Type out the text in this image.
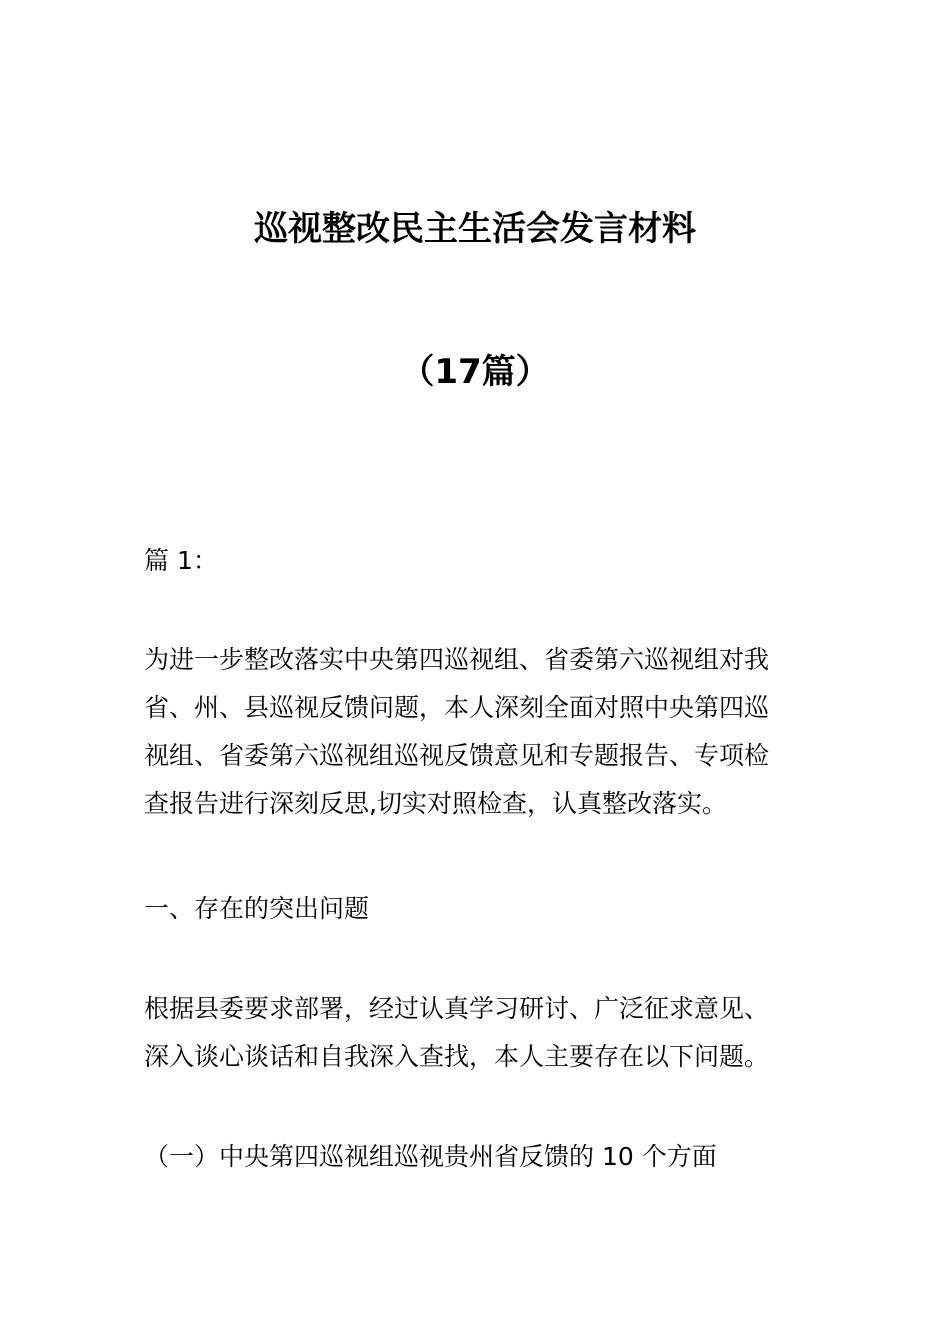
巡视整改民主生活会发言材料
（17篇）

篇 1：

为进一步整改落实中央第四巡视组、省委第六巡视组对我
省、州、县巡视反馈问题，本人深刻全面对照中央第四巡
视组、省委第六巡视组巡视反馈意见和专题报告、专项检
查报告进行深刻反思,切实对照检查，认真整改落实。

一、存在的突出问题

根据县委要求部署，经过认真学习研讨、广泛征求意见、
深入谈心谈话和自我深入查找，本人主要存在以下问题。

（一）中央第四巡视组巡视贵州省反馈的 10 个方面
